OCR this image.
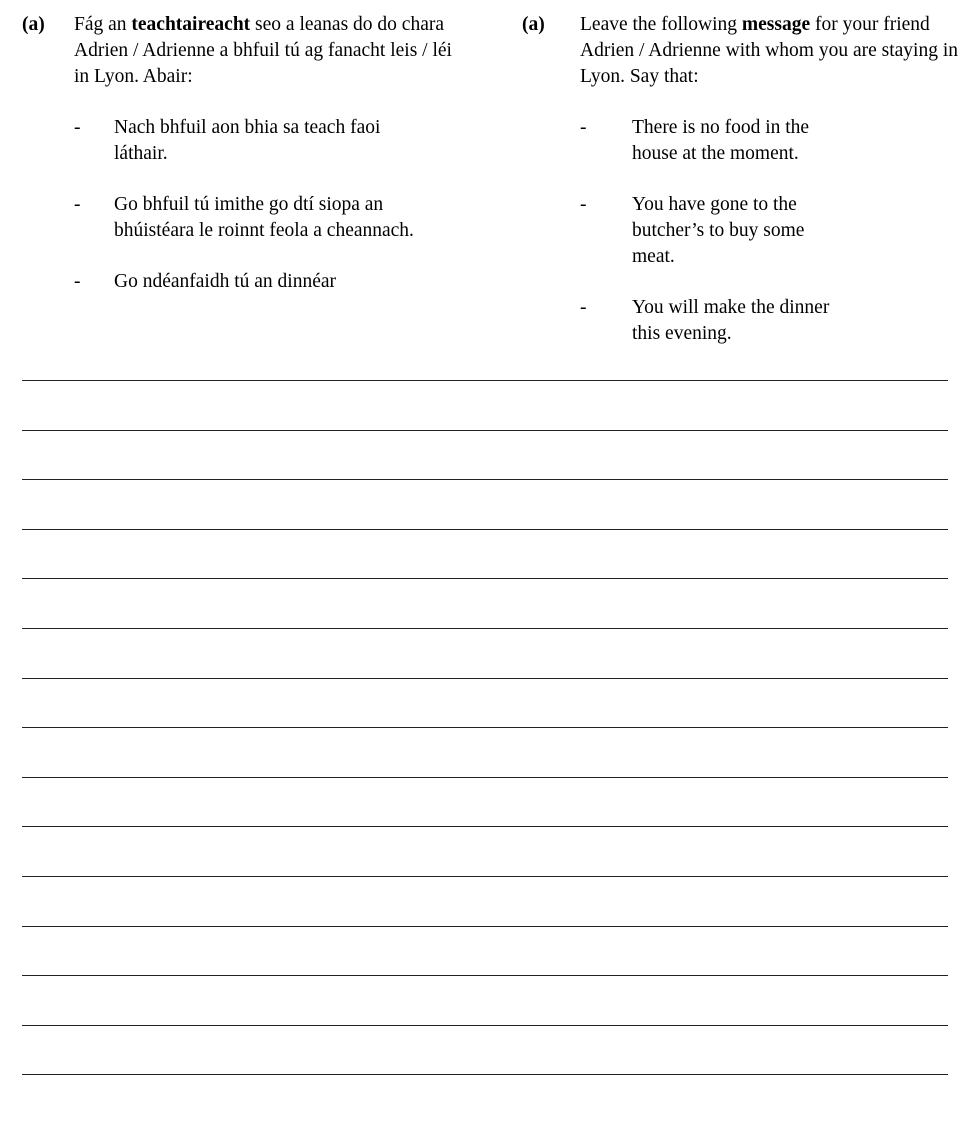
(a) Fág an teachtaireacht seo a leanas do do chara Adrien / Adrienne a bhfuil tú ag fanacht leis / léi in Lyon. Abair:
- Nach bhfuil aon bhia sa teach faoi láthair.
- Go bhfuil tú imithe go dtí siopa an bhúistéara le roinnt feola a cheannach.
- Go ndéanfaidh tú an dinnéar
(a) Leave the following message for your friend Adrien / Adrienne with whom you are staying in Lyon. Say that:
- There is no food in the house at the moment.
- You have gone to the butcher’s to buy some meat.
- You will make the dinner this evening.
